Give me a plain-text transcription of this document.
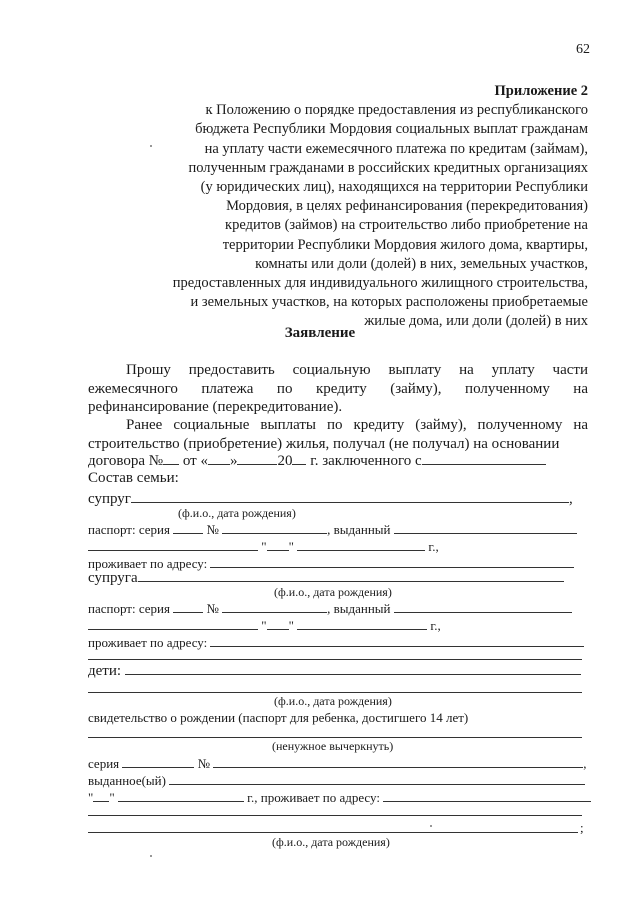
62
Приложение 2
к Положению о порядке предоставления из республиканского
бюджета Республики Мордовия социальных выплат гражданам
на уплату части ежемесячного платежа по кредитам (займам),
полученным гражданами в российских кредитных организациях
(у юридических лиц), находящихся на территории Республики
Мордовия, в целях рефинансирования (перекредитования)
кредитов (займов) на строительство либо приобретение на
территории Республики Мордовия жилого дома, квартиры,
комнаты или доли (долей) в них, земельных участков,
предоставленных для индивидуального жилищного строительства,
и земельных участков, на которых расположены приобретаемые
жилые дома, или доли (долей) в них
Заявление
Прошу предоставить социальную выплату на уплату части ежемесячного платежа по кредиту (займу), полученному на рефинансирование (перекредитование).
Ранее социальные выплаты по кредиту (займу), полученному на строительство (приобретение) жилья, получал (не получал) на основании
договора № от « »	20 г. заключенного с
Состав семьи:
супруг	,
(ф.и.о., дата рождения)
паспорт: серия	№	, выданный
" "	г.,
проживает по адресу:
супруга
(ф.и.о., дата рождения)
паспорт: серия	№	, выданный
" "	г.,
проживает по адресу:
дети:
(ф.и.о., дата рождения)
свидетельство о рождении (паспорт для ребенка, достигшего 14 лет)
(ненужное вычеркнуть)
серия	№	,
выданное(ый)
" "	г., проживает по адресу:
;
(ф.и.о., дата рождения)
